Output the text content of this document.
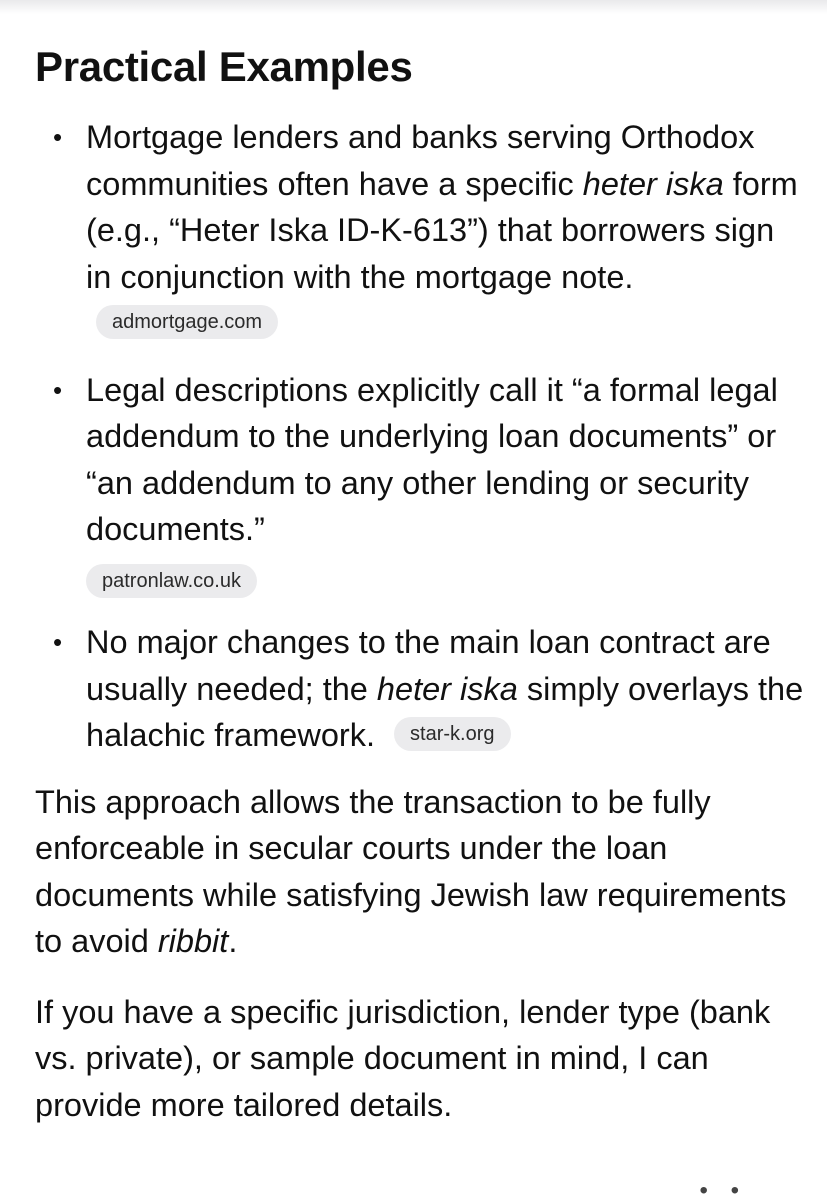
Practical Examples
• Mortgage lenders and banks serving Orthodox communities often have a specific heter iska form (e.g., “Heter Iska ID-K-613”) that borrowers sign in conjunction with the mortgage note. admortgage.com
• Legal descriptions explicitly call it “a formal legal addendum to the underlying loan documents” or “an addendum to any other lending or security documents.”
patronlaw.co.uk
• No major changes to the main loan contract are usually needed; the heter iska simply overlays the halachic framework. star-k.org

This approach allows the transaction to be fully enforceable in secular courts under the loan documents while satisfying Jewish law requirements to avoid ribbit.

If you have a specific jurisdiction, lender type (bank vs. private), or sample document in mind, I can provide more tailored details.

• •
